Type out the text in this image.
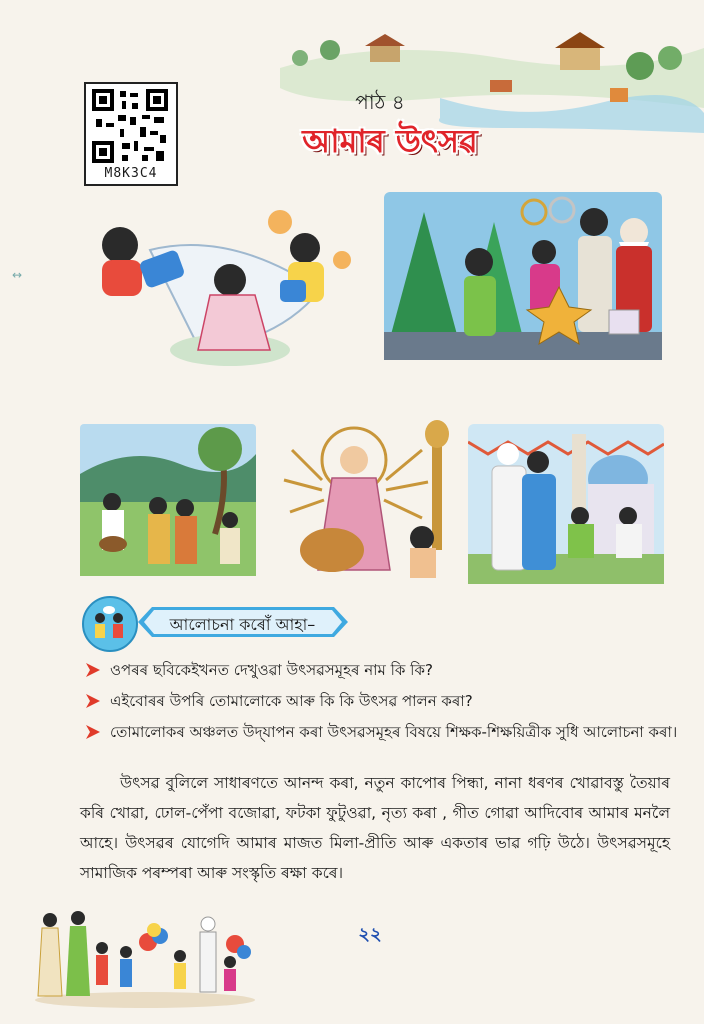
M8K3C4
পাঠ ৪
আমাৰ উৎসৱ
↔
আলোচনা কৰোঁ আহা–
ওপৰৰ ছবিকেইখনত দেখুওৱা উৎসৱসমূহৰ নাম কি কি?
এইবোৰৰ উপৰি তোমালোকে আৰু কি কি উৎসৱ পালন কৰা?
তোমালোকৰ অঞ্চলত উদ্‌যাপন কৰা উৎসৱসমূহৰ বিষয়ে শিক্ষক-শিক্ষয়িত্ৰীক সুধি আলোচনা কৰা।

উৎসৱ বুলিলে সাধাৰণতে আনন্দ কৰা, নতুন কাপোৰ পিন্ধা, নানা ধৰণৰ খোৱাবস্তু তৈয়াৰ কৰি খোৱা, ঢোল-পেঁপা বজোৱা, ফটকা ফুটুওৱা, নৃত্য কৰা , গীত গোৱা আদিবোৰ আমাৰ মনলৈ আহে। উৎসৱৰ যোগেদি আমাৰ মাজত মিলা-প্ৰীতি আৰু একতাৰ ভাৱ গঢ়ি উঠে। উৎসৱসমূহে সামাজিক পৰম্পৰা আৰু সংস্কৃতি ৰক্ষা কৰে।

২২
